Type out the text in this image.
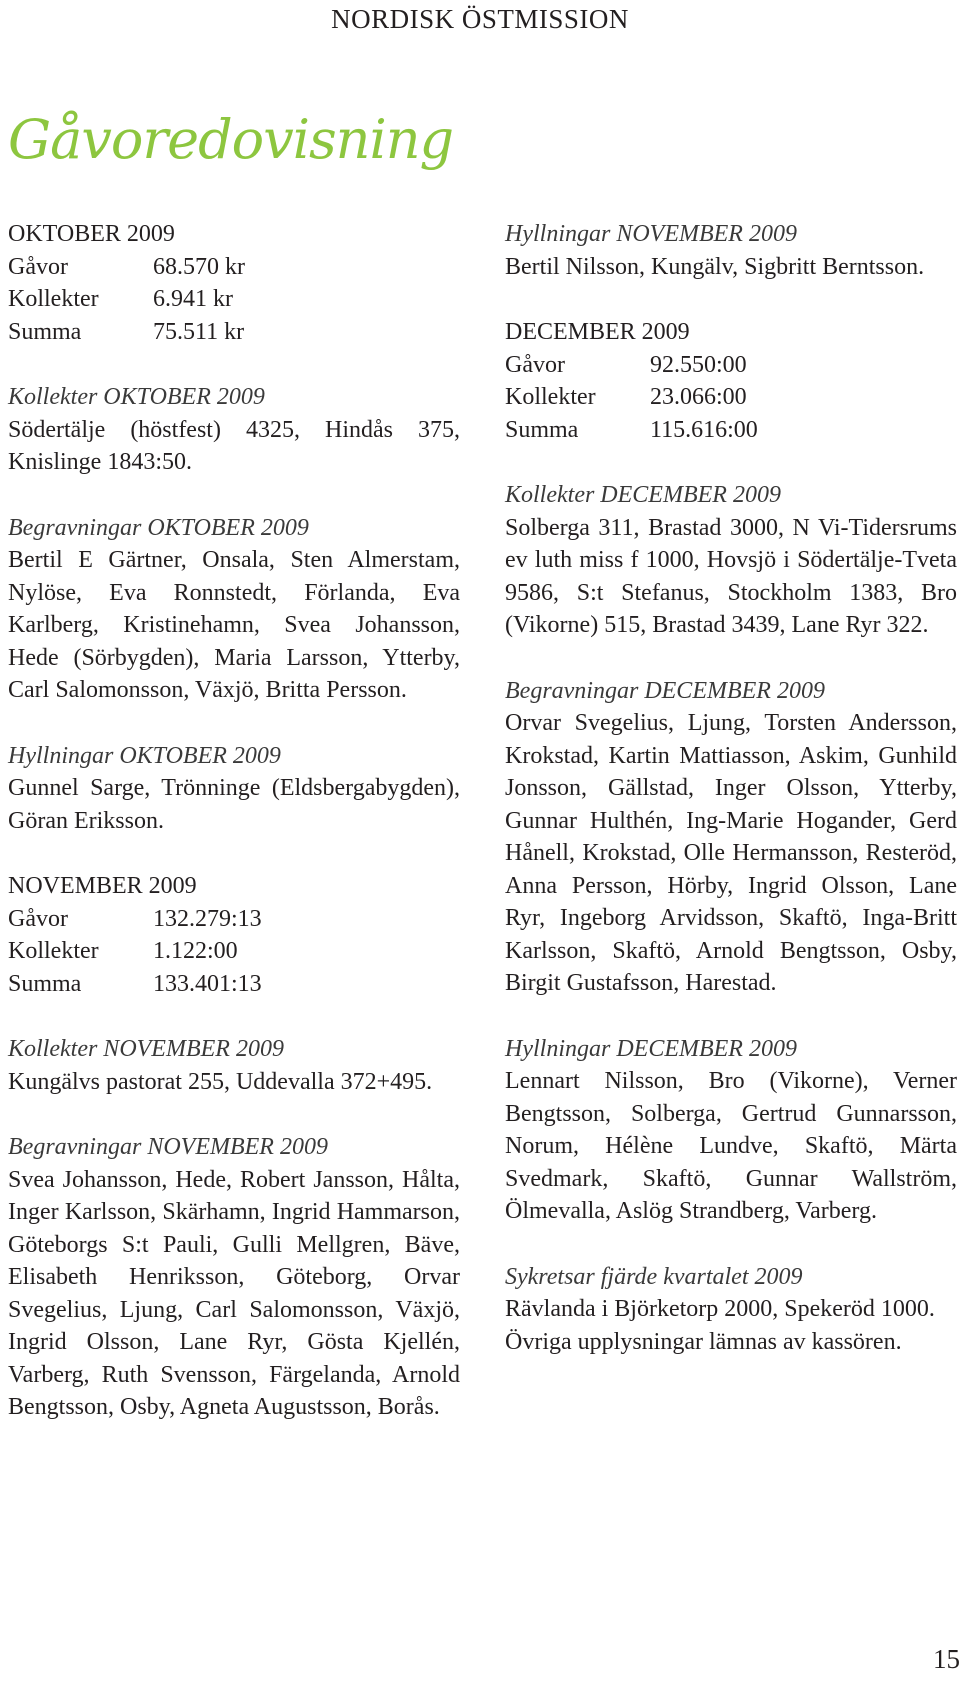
NORDISK ÖSTMISSION
Gåvoredovisning
OKTOBER 2009
Gåvor	68.570 kr
Kollekter	6.941 kr
Summa	75.511 kr
Kollekter OKTOBER 2009

Södertälje (höstfest) 4325, Hindås 375, Knislinge 1843:50.

Begravningar OKTOBER 2009

Bertil E Gärtner, Onsala, Sten Almerstam, Nylöse, Eva Ronnstedt, Förlanda, Eva Karlberg, Kristinehamn, Svea Johansson, Hede (Sörbygden), Maria Larsson, Ytterby, Carl Salomonsson, Växjö, Britta Persson.

Hyllningar OKTOBER 2009

Gunnel Sarge, Trönninge (Eldsbergabygden), Göran Eriksson.

NOVEMBER 2009
Gåvor	132.279:13
Kollekter	1.122:00
Summa	133.401:13
Kollekter NOVEMBER 2009

Kungälvs pastorat 255, Uddevalla 372+495.

Begravningar NOVEMBER 2009

Svea Johansson, Hede, Robert Jansson, Hålta, Inger Karlsson, Skärhamn, Ingrid Hammarson, Göteborgs S:t Pauli, Gulli Mellgren, Bäve, Elisabeth Henriksson, Göteborg, Orvar Svegelius, Ljung, Carl Salomonsson, Växjö, Ingrid Olsson, Lane Ryr, Gösta Kjellén, Varberg, Ruth Svensson, Färgelanda, Arnold Bengtsson, Osby, Agneta Augustsson, Borås.

Hyllningar NOVEMBER 2009

Bertil Nilsson, Kungälv, Sigbritt Berntsson.

DECEMBER 2009
Gåvor	92.550:00
Kollekter	23.066:00
Summa	115.616:00
Kollekter DECEMBER 2009

Solberga 311, Brastad 3000, N Vi-Tidersrums ev luth miss f 1000, Hovsjö i Södertälje-Tveta 9586, S:t Stefanus, Stockholm 1383, Bro (Vikorne) 515, Brastad 3439, Lane Ryr 322.

Begravningar DECEMBER 2009

Orvar Svegelius, Ljung, Torsten Andersson, Krokstad, Kartin Mattiasson, Askim, Gunhild Jonsson, Gällstad, Inger Olsson, Ytterby, Gunnar Hulthén, Ing-Marie Hogander, Gerd Hånell, Krokstad, Olle Hermansson, Resteröd, Anna Persson, Hörby, Ingrid Olsson, Lane Ryr, Ingeborg Arvidsson, Skaftö, Inga-Britt Karlsson, Skaftö, Arnold Bengtsson, Osby, Birgit Gustafsson, Harestad.

Hyllningar DECEMBER 2009

Lennart Nilsson, Bro (Vikorne), Verner Bengtsson, Solberga, Gertrud Gunnarsson, Norum, Hélène Lundve, Skaftö, Märta Svedmark, Skaftö, Gunnar Wallström, Ölmevalla, Aslög Strandberg, Varberg.

Sykretsar fjärde kvartalet 2009

Rävlanda i Björketorp 2000, Spekeröd 1000.

Övriga upplysningar lämnas av kassören.

15
